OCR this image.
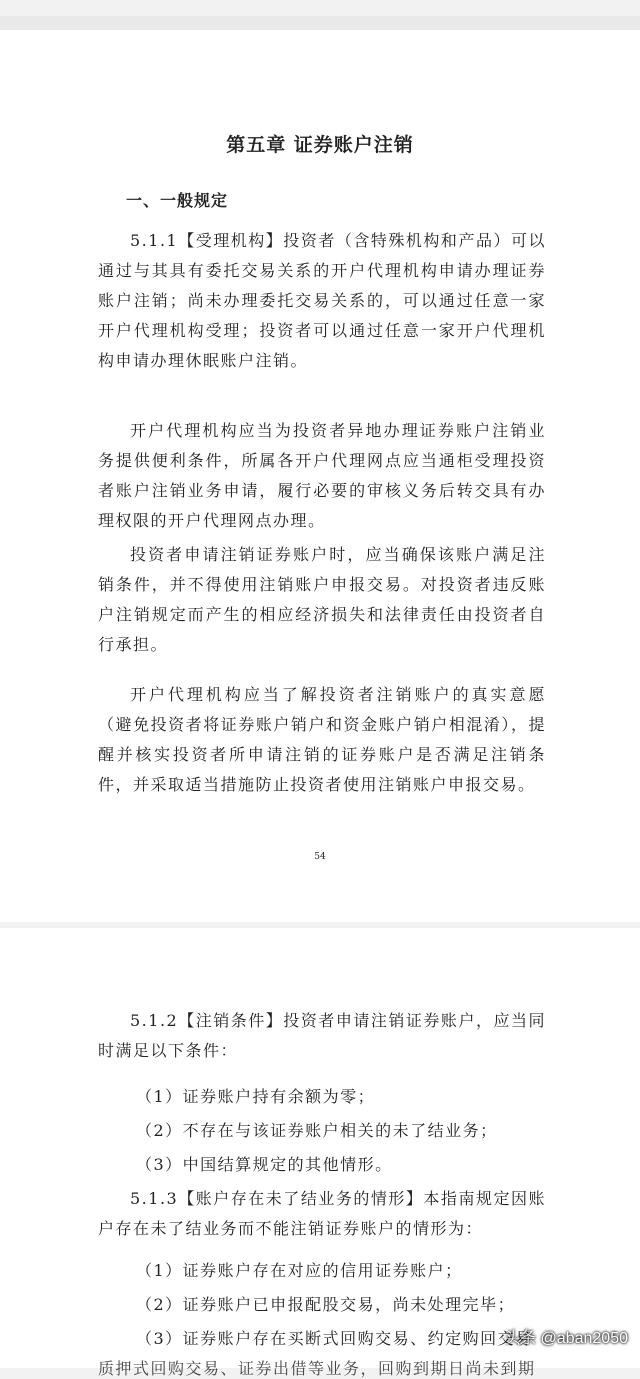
第五章 证券账户注销
一、一般规定

5.1.1【受理机构】投资者（含特殊机构和产品）可以通过与其具有委托交易关系的开户代理机构申请办理证券账户注销；尚未办理委托交易关系的，可以通过任意一家开户代理机构受理；投资者可以通过任意一家开户代理机构申请办理休眠账户注销。

开户代理机构应当为投资者异地办理证券账户注销业务提供便利条件，所属各开户代理网点应当通柜受理投资者账户注销业务申请，履行必要的审核义务后转交具有办理权限的开户代理网点办理。

投资者申请注销证券账户时，应当确保该账户满足注销条件，并不得使用注销账户申报交易。对投资者违反账户注销规定而产生的相应经济损失和法律责任由投资者自行承担。

开户代理机构应当了解投资者注销账户的真实意愿（避免投资者将证券账户销户和资金账户销户相混淆），提醒并核实投资者所申请注销的证券账户是否满足注销条件，并采取适当措施防止投资者使用注销账户申报交易。

54

5.1.2【注销条件】投资者申请注销证券账户，应当同时满足以下条件：

（1）证券账户持有余额为零；
（2）不存在与该证券账户相关的未了结业务；
（3）中国结算规定的其他情形。

5.1.3【账户存在未了结业务的情形】本指南规定因账户存在未了结业务而不能注销证券账户的情形为：

（1）证券账户存在对应的信用证券账户；
（2）证券账户已申报配股交易，尚未处理完毕；
（3）证券账户存在买断式回购交易、约定购回交易
质押式回购交易、证券出借等业务，回购到期日尚未到期
头条 @aban2050
